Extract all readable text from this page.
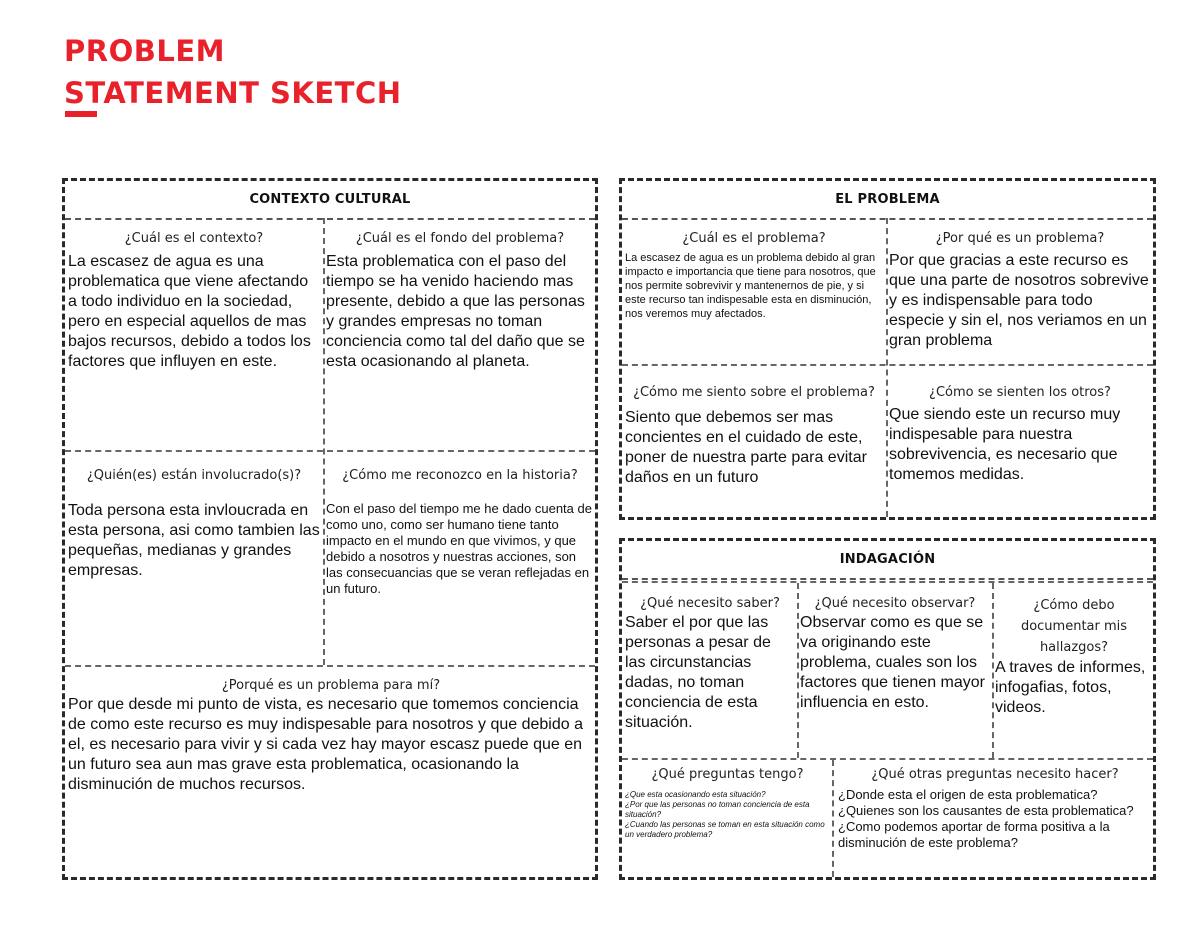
PROBLEM
STATEMENT SKETCH
CONTEXTO CULTURAL
¿Cuál es el contexto?

La escasez de agua es una problematica que viene afectando a todo individuo en la sociedad, pero en especial aquellos de mas bajos recursos, debido a todos los factores que influyen en este.

¿Cuál es el fondo del problema?

Esta problematica con el paso del tiempo se ha venido haciendo mas presente, debido a que las personas y grandes empresas no toman conciencia como tal del daño que se esta ocasionando al planeta.

¿Quién(es) están involucrado(s)?

Toda persona esta invloucrada en esta persona, asi como tambien las pequeñas, medianas y grandes empresas.

¿Cómo me reconozco en la historia?

Con el paso del tiempo me he dado cuenta de como uno, como ser humano tiene tanto impacto en el mundo en que vivimos, y que debido a nosotros y nuestras acciones, son las consecuancias que se veran reflejadas en un futuro.

¿Porqué es un problema para mí?

Por que desde mi punto de vista, es necesario que tomemos conciencia de como este recurso es muy indispesable para nosotros y que debido a el, es necesario para vivir y si cada vez hay mayor escasz puede que en un futuro sea aun mas grave esta problematica, ocasionando la disminución de muchos recursos.

EL PROBLEMA
¿Cuál es el problema?

La escasez de agua es un problema debido al gran impacto e importancia que tiene para nosotros, que nos permite sobrevivir y mantenernos de pie, y si este recurso tan indispesable esta en disminución, nos veremos muy afectados.

¿Por qué es un problema?

Por que gracias a este recurso es que una parte de nosotros sobrevive y es indispensable para todo especie y sin el, nos veriamos en un gran problema

¿Cómo me siento sobre el problema?

Siento que debemos ser mas concientes en el cuidado de este, poner de nuestra parte para evitar daños en un futuro

¿Cómo se sienten los otros?

Que siendo este un recurso muy indispesable para nuestra sobrevivencia, es necesario que tomemos medidas.

INDAGACIÓN
¿Qué necesito saber?

Saber el por que las personas a pesar de las circunstancias dadas, no toman conciencia de esta situación.

¿Qué necesito observar?

Observar como es que se va originando este problema, cuales son los factores que tienen mayor influencia en esto.

¿Cómo debo documentar mis hallazgos?

A traves de informes, infogafias, fotos, videos.

¿Qué preguntas tengo?

¿Que esta ocasionando esta situación?
¿Por que las personas no toman conciencia de esta situación?
¿Cuando las personas se toman en esta situación como un verdadero problema?

¿Qué otras preguntas necesito hacer?

¿Donde esta el origen de esta problematica?
¿Quienes son los causantes de esta problematica?
¿Como podemos aportar de forma positiva a la disminución de este problema?
